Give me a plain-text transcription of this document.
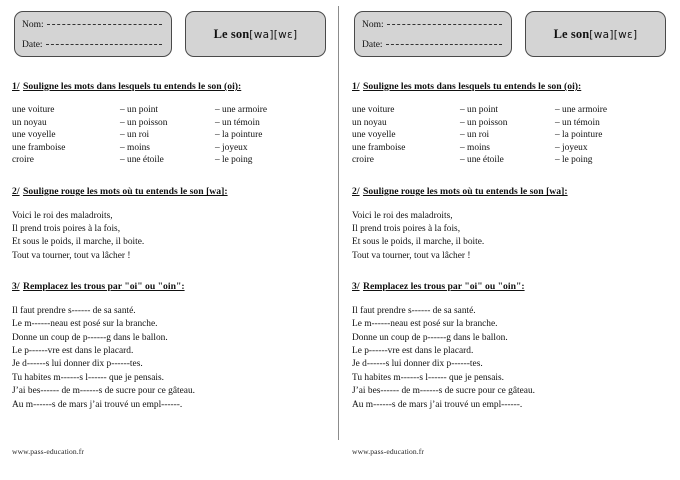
Nom:
Date:
Le son[wa][wɛ]
1/ Souligne les mots dans lesquels tu entends le son (oi):
une voiture	– un point	– une armoire
un noyau	– un poisson	– un témoin
une voyelle	– un roi	– la pointure
une framboise	– moins	– joyeux
croire	– une étoile	– le poing
2/ Souligne rouge les mots où tu entends le son [wa]:
Voici le roi des maladroits,
Il prend trois poires à la fois,
Et sous le poids, il marche, il boite.
Tout va tourner, tout va lâcher !
3/ Remplacez les trous par "oi" ou "oin":
Il faut prendre s------ de sa santé.
Le m------neau est posé sur la branche.
Donne un coup de p------g dans le ballon.
Le p------vre est dans le placard.
Je d------s lui donner dix p------tes.
Tu habites m------s l------ que je pensais.
J’ai bes------ de m------s de sucre pour ce gâteau.
Au m------s de mars j’ai trouvé un empl------.
www.pass-education.fr
Nom:
Date:
Le son[wa][wɛ]
1/ Souligne les mots dans lesquels tu entends le son (oi):
une voiture	– un point	– une armoire
un noyau	– un poisson	– un témoin
une voyelle	– un roi	– la pointure
une framboise	– moins	– joyeux
croire	– une étoile	– le poing
2/ Souligne rouge les mots où tu entends le son [wa]:
Voici le roi des maladroits,
Il prend trois poires à la fois,
Et sous le poids, il marche, il boite.
Tout va tourner, tout va lâcher !
3/ Remplacez les trous par "oi" ou "oin":
Il faut prendre s------ de sa santé.
Le m------neau est posé sur la branche.
Donne un coup de p------g dans le ballon.
Le p------vre est dans le placard.
Je d------s lui donner dix p------tes.
Tu habites m------s l------ que je pensais.
J’ai bes------ de m------s de sucre pour ce gâteau.
Au m------s de mars j’ai trouvé un empl------.
www.pass-education.fr
